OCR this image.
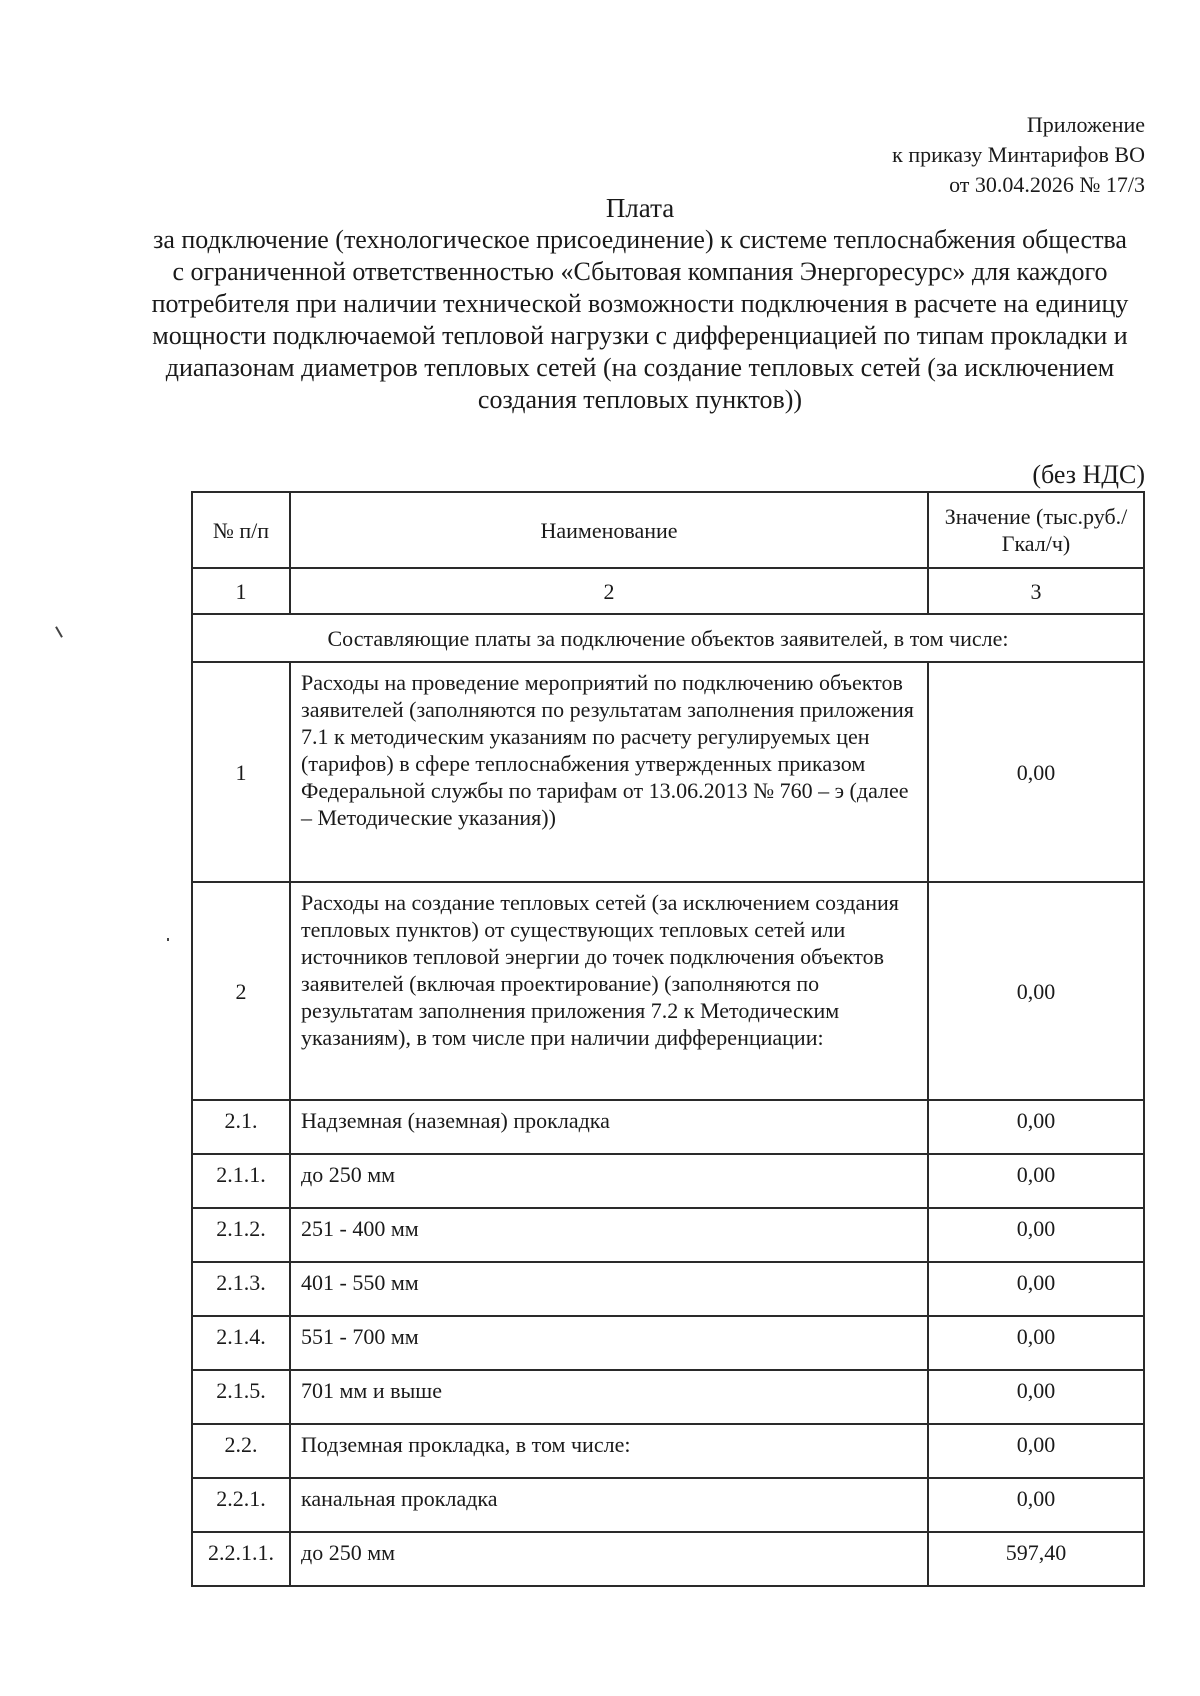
Приложение
к приказу Минтарифов ВО
от 30.04.2026 № 17/3
Плата
за подключение (технологическое присоединение) к системе теплоснабжения общества с ограниченной ответственностью «Сбытовая компания Энергоресурс» для каждого потребителя при наличии технической возможности подключения в расчете на единицу мощности подключаемой тепловой нагрузки с дифференциацией по типам прокладки и диапазонам диаметров тепловых сетей (на создание тепловых сетей (за исключением создания тепловых пунктов))
(без НДС)
№ п/п	Наименование	Значение (тыс.руб./Гкал/ч)

1	2	3
Составляющие платы за подключение объектов заявителей, в том числе:		
1	Расходы на проведение мероприятий по подключению объектов заявителей (заполняются по результатам заполнения приложения 7.1 к методическим указаниям по расчету регулируемых цен (тарифов) в сфере теплоснабжения утвержденных приказом Федеральной службы по тарифам от 13.06.2013 № 760 – э (далее – Методические указания))	0,00
2	Расходы на создание тепловых сетей (за исключением создания тепловых пунктов) от существующих тепловых сетей или источников тепловой энергии до точек подключения объектов заявителей (включая проектирование) (заполняются по результатам заполнения приложения 7.2 к Методическим указаниям), в том числе при наличии дифференциации:	0,00
2.1.	Надземная (наземная) прокладка	0,00
2.1.1.	до 250 мм	0,00
2.1.2.	251 - 400 мм	0,00
2.1.3.	401 - 550 мм	0,00
2.1.4.	551 - 700 мм	0,00
2.1.5.	701 мм и выше	0,00
2.2.	Подземная прокладка, в том числе:	0,00
2.2.1.	канальная прокладка	0,00
2.2.1.1.	до 250 мм	597,40
